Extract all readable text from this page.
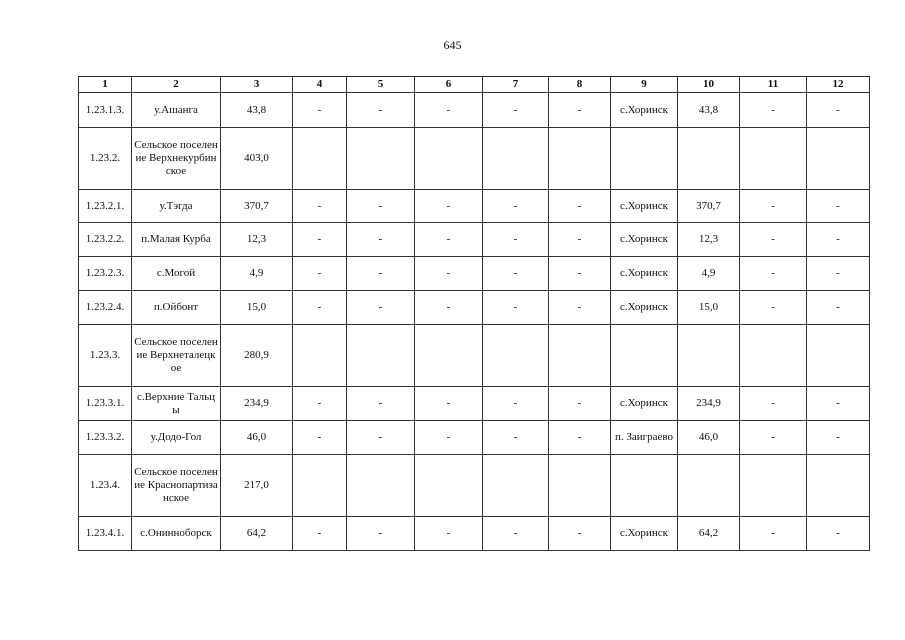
645
1	2	3	4	5	6	7	8	9	10	11	12
1.23.1.3.	у.Ашанга	43,8	-	-	-	-	-	с.Хоринск	43,8	-	-
1.23.2.	Сельское поселение Верхнекурбинское	403,0									
1.23.2.1.	у.Тэгда	370,7	-	-	-	-	-	с.Хоринск	370,7	-	-
1.23.2.2.	п.Малая Курба	12,3	-	-	-	-	-	с.Хоринск	12,3	-	-
1.23.2.3.	с.Могой	4,9	-	-	-	-	-	с.Хоринск	4,9	-	-
1.23.2.4.	п.Ойбонт	15,0	-	-	-	-	-	с.Хоринск	15,0	-	-
1.23.3.	Сельское поселение Верхнеталецкое	280,9									
1.23.3.1.	с.Верхние Тальцы	234,9	-	-	-	-	-	с.Хоринск	234,9	-	-
1.23.3.2.	у.Додо-Гол	46,0	-	-	-	-	-	п. Заиграево	46,0	-	-
1.23.4.	Сельское поселение Краснопартизанское	217,0									
1.23.4.1.	с.Онинноборск	64,2	-	-	-	-	-	с.Хоринск	64,2	-	-
